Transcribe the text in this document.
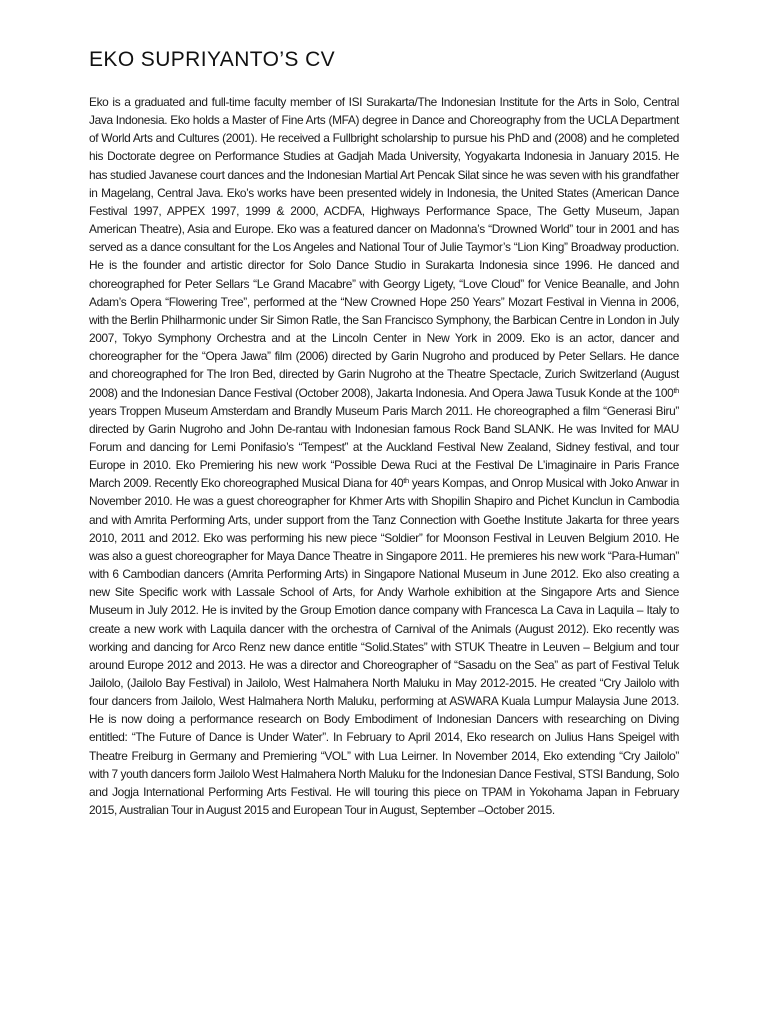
EKO SUPRIYANTO’S CV

Eko is a graduated and full-time faculty member of ISI Surakarta/The Indonesian Institute for the Arts in Solo, Central Java Indonesia. Eko holds a Master of Fine Arts (MFA) degree in Dance and Choreography from the UCLA Department of World Arts and Cultures (2001). He received a Fullbright scholarship to pursue his PhD and (2008) and he completed his Doctorate degree on Performance Studies at Gadjah Mada University, Yogyakarta Indonesia in January 2015. He has studied Javanese court dances and the Indonesian Martial Art Pencak Silat since he was seven with his grandfather in Magelang, Central Java. Eko’s works have been presented widely in Indonesia, the United States (American Dance Festival 1997, APPEX 1997, 1999 & 2000, ACDFA, Highways Performance Space, The Getty Museum, Japan American Theatre), Asia and Europe. Eko was a featured dancer on Madonna’s “Drowned World” tour in 2001 and has served as a dance consultant for the Los Angeles and National Tour of Julie Taymor’s “Lion King” Broadway production. He is the founder and artistic director for Solo Dance Studio in Surakarta Indonesia since 1996. He danced and choreographed for Peter Sellars “Le Grand Macabre” with Georgy Ligety, “Love Cloud” for Venice Beanalle, and John Adam’s Opera “Flowering Tree”, performed at the “New Crowned Hope 250 Years” Mozart Festival in Vienna in 2006, with the Berlin Philharmonic under Sir Simon Ratle, the San Francisco Symphony, the Barbican Centre in London in July 2007, Tokyo Symphony Orchestra and at the Lincoln Center in New York in 2009. Eko is an actor, dancer and choreographer for the “Opera Jawa” film (2006) directed by Garin Nugroho and produced by Peter Sellars. He dance and choreographed for The Iron Bed, directed by Garin Nugroho at the Theatre Spectacle, Zurich Switzerland (August 2008) and the Indonesian Dance Festival (October 2008), Jakarta Indonesia. And Opera Jawa Tusuk Konde at the 100th years Troppen Museum Amsterdam and Brandly Museum Paris March 2011. He choreographed a film “Generasi Biru” directed by Garin Nugroho and John De-rantau with Indonesian famous Rock Band SLANK. He was Invited for MAU Forum and dancing for Lemi Ponifasio’s “Tempest” at the Auckland Festival New Zealand, Sidney festival, and tour Europe in 2010. Eko Premiering his new work “Possible Dewa Ruci at the Festival De L’imaginaire in Paris France March 2009. Recently Eko choreographed Musical Diana for 40th years Kompas, and Onrop Musical with Joko Anwar in November 2010. He was a guest choreographer for Khmer Arts with Shopilin Shapiro and Pichet Kunclun in Cambodia and with Amrita Performing Arts, under support from the Tanz Connection with Goethe Institute Jakarta for three years 2010, 2011 and 2012. Eko was performing his new piece “Soldier” for Moonson Festival in Leuven Belgium 2010. He was also a guest choreographer for Maya Dance Theatre in Singapore 2011. He premieres his new work “Para-Human” with 6 Cambodian dancers (Amrita Performing Arts) in Singapore National Museum in June 2012. Eko also creating a new Site Specific work with Lassale School of Arts, for Andy Warhole exhibition at the Singapore Arts and Sience Museum in July 2012. He is invited by the Group Emotion dance company with Francesca La Cava in Laquila – Italy to create a new work with Laquila dancer with the orchestra of Carnival of the Animals (August 2012). Eko recently was working and dancing for Arco Renz new dance entitle “Solid.States” with STUK Theatre in Leuven – Belgium and tour around Europe 2012 and 2013. He was a director and Choreographer of “Sasadu on the Sea” as part of Festival Teluk Jailolo, (Jailolo Bay Festival) in Jailolo, West Halmahera North Maluku in May 2012-2015. He created “Cry Jailolo with four dancers from Jailolo, West Halmahera North Maluku, performing at ASWARA Kuala Lumpur Malaysia June 2013. He is now doing a performance research on Body Embodiment of Indonesian Dancers with researching on Diving entitled: “The Future of Dance is Under Water”. In February to April 2014, Eko research on Julius Hans Speigel with Theatre Freiburg in Germany and Premiering “VOL” with Lua Leirner. In November 2014, Eko extending “Cry Jailolo” with 7 youth dancers form Jailolo West Halmahera North Maluku for the Indonesian Dance Festival, STSI Bandung, Solo and Jogja International Performing Arts Festival. He will touring this piece on TPAM in Yokohama Japan in February 2015, Australian Tour in August 2015 and European Tour in August, September –October 2015.
